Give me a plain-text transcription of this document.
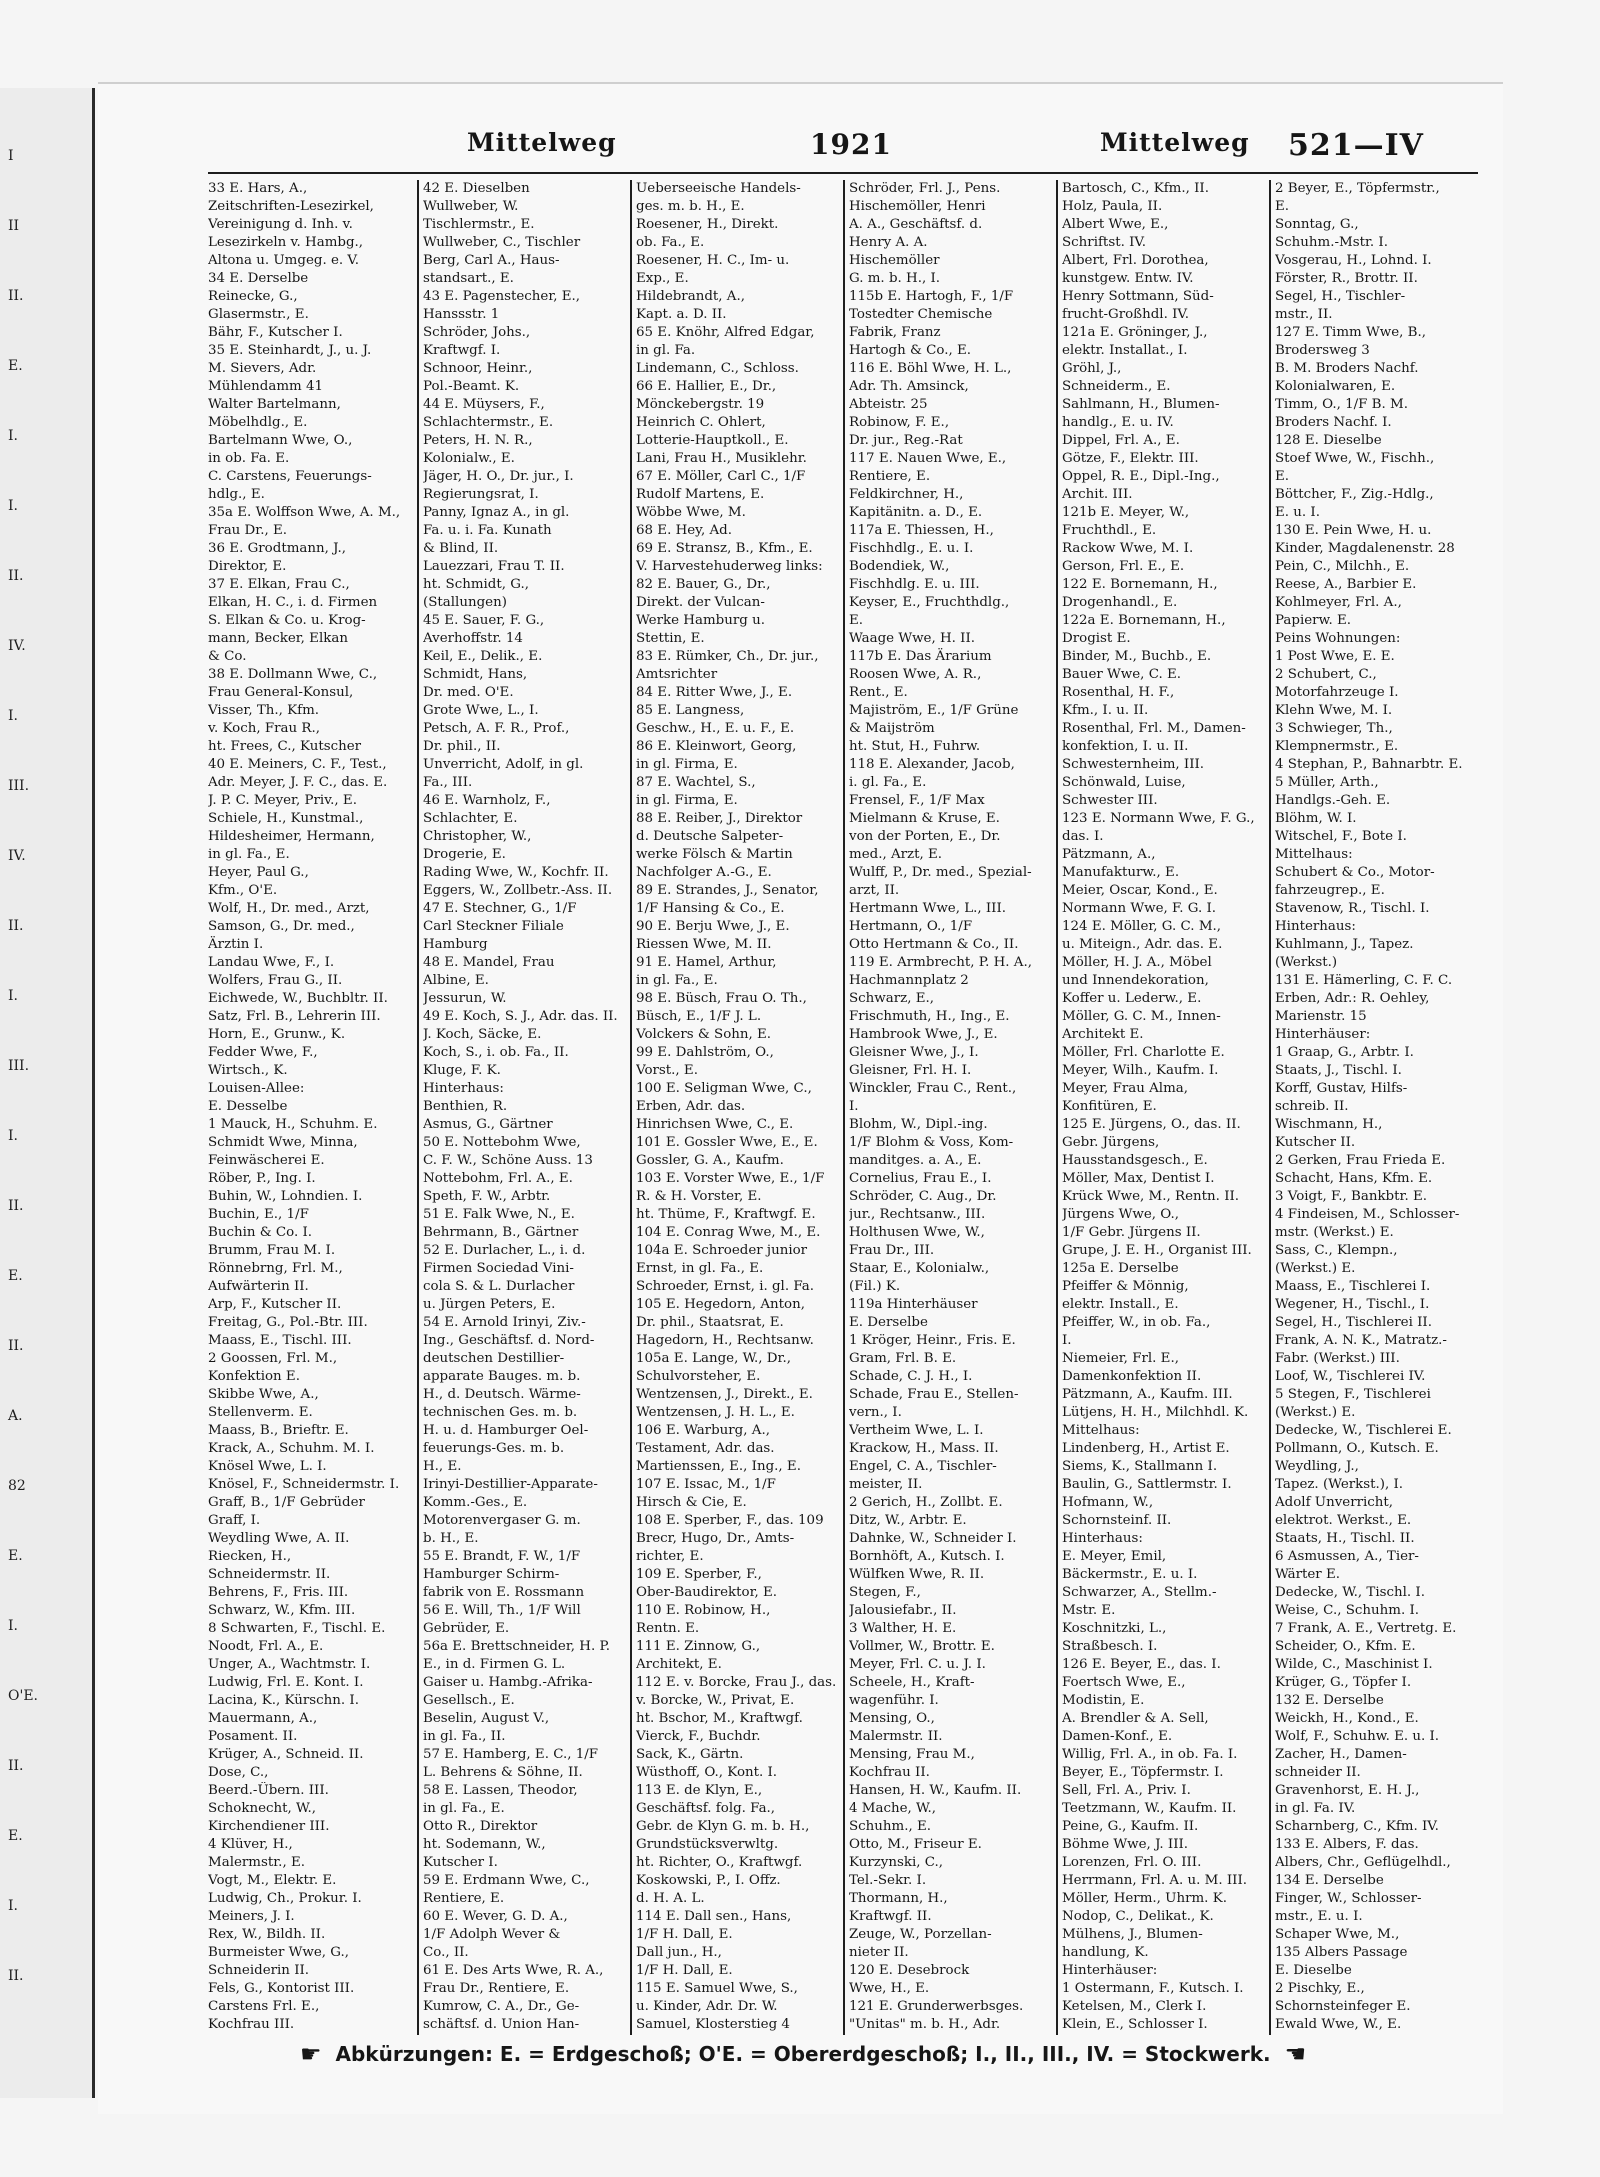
I
II
II.
E.
I.
I.
II.
IV.
I.
III.
IV.
II.
I.
III.
I.
II.
E.
II.
A.
82
E.
I.
O'E.
II.
E.
I.
II.
Mittelweg	1921	Mittelweg 521—IV
33 E. Hars, A.,
Zeitschriften-Lesezirkel,
Vereinigung d. Inh. v.
Lesezirkeln v. Hambg.,
Altona u. Umgeg. e. V.
34 E. Derselbe
Reinecke, G.,
Glasermstr., E.
Bähr, F., Kutscher I.
35 E. Steinhardt, J., u. J.
M. Sievers, Adr.
Mühlendamm 41
Walter Bartelmann,
Möbelhdlg., E.
Bartelmann Wwe, O.,
in ob. Fa. E.
C. Carstens, Feuerungs-
hdlg., E.
35a E. Wolffson Wwe, A. M.,
Frau Dr., E.
36 E. Grodtmann, J.,
Direktor, E.
37 E. Elkan, Frau C.,
Elkan, H. C., i. d. Firmen
S. Elkan & Co. u. Krog-
mann, Becker, Elkan
& Co.
38 E. Dollmann Wwe, C.,
Frau General-Konsul,
Visser, Th., Kfm.
v. Koch, Frau R.,
ht. Frees, C., Kutscher
40 E. Meiners, C. F., Test.,
Adr. Meyer, J. F. C., das. E.
J. P. C. Meyer, Priv., E.
Schiele, H., Kunstmal.,
Hildesheimer, Hermann,
in gl. Fa., E.
Heyer, Paul G.,
Kfm., O'E.
Wolf, H., Dr. med., Arzt,
Samson, G., Dr. med.,
Ärztin I.
Landau Wwe, F., I.
Wolfers, Frau G., II.
Eichwede, W., Buchbltr. II.
Satz, Frl. B., Lehrerin III.
Horn, E., Grunw., K.
Fedder Wwe, F.,
Wirtsch., K.
Louisen-Allee:
E. Desselbe
1 Mauck, H., Schuhm. E.
Schmidt Wwe, Minna,
Feinwäscherei E.
Röber, P., Ing. I.
Buhin, W., Lohndien. I.
Buchin, E., 1/F
Buchin & Co. I.
Brumm, Frau M. I.
Rönnebrng, Frl. M.,
Aufwärterin II.
Arp, F., Kutscher II.
Freitag, G., Pol.-Btr. III.
Maass, E., Tischl. III.
2 Goossen, Frl. M.,
Konfektion E.
Skibbe Wwe, A.,
Stellenverm. E.
Maass, B., Brieftr. E.
Krack, A., Schuhm. M. I.
Knösel Wwe, L. I.
Knösel, F., Schneidermstr. I.
Graff, B., 1/F Gebrüder
Graff, I.
Weydling Wwe, A. II.
Riecken, H.,
Schneidermstr. II.
Behrens, F., Fris. III.
Schwarz, W., Kfm. III.
8 Schwarten, F., Tischl. E.
Noodt, Frl. A., E.
Unger, A., Wachtmstr. I.
Ludwig, Frl. E. Kont. I.
Lacina, K., Kürschn. I.
Mauermann, A.,
Posament. II.
Krüger, A., Schneid. II.
Dose, C.,
Beerd.-Übern. III.
Schoknecht, W.,
Kirchendiener III.
4 Klüver, H.,
Malermstr., E.
Vogt, M., Elektr. E.
Ludwig, Ch., Prokur. I.
Meiners, J. I.
Rex, W., Bildh. II.
Burmeister Wwe, G.,
Schneiderin II.
Fels, G., Kontorist III.
Carstens Frl. E.,
Kochfrau III.
42 E. Dieselben
Wullweber, W.
Tischlermstr., E.
Wullweber, C., Tischler
Berg, Carl A., Haus-
standsart., E.
43 E. Pagenstecher, E.,
Hanssstr. 1
Schröder, Johs.,
Kraftwgf. I.
Schnoor, Heinr.,
Pol.-Beamt. K.
44 E. Müysers, F.,
Schlachtermstr., E.
Peters, H. N. R.,
Kolonialw., E.
Jäger, H. O., Dr. jur., I.
Regierungsrat, I.
Panny, Ignaz A., in gl.
Fa. u. i. Fa. Kunath
& Blind, II.
Lauezzari, Frau T. II.
ht. Schmidt, G.,
(Stallungen)
45 E. Sauer, F. G.,
Averhoffstr. 14
Keil, E., Delik., E.
Schmidt, Hans,
Dr. med. O'E.
Grote Wwe, L., I.
Petsch, A. F. R., Prof.,
Dr. phil., II.
Unverricht, Adolf, in gl.
Fa., III.
46 E. Warnholz, F.,
Schlachter, E.
Christopher, W.,
Drogerie, E.
Rading Wwe, W., Kochfr. II.
Eggers, W., Zollbetr.-Ass. II.
47 E. Stechner, G., 1/F
Carl Steckner Filiale
Hamburg
48 E. Mandel, Frau
Albine, E.
Jessurun, W.
49 E. Koch, S. J., Adr. das. II.
J. Koch, Säcke, E.
Koch, S., i. ob. Fa., II.
Kluge, F. K.
Hinterhaus:
Benthien, R.
Asmus, G., Gärtner
50 E. Nottebohm Wwe,
C. F. W., Schöne Auss. 13
Nottebohm, Frl. A., E.
Speth, F. W., Arbtr.
51 E. Falk Wwe, N., E.
Behrmann, B., Gärtner
52 E. Durlacher, L., i. d.
Firmen Sociedad Vini-
cola S. & L. Durlacher
u. Jürgen Peters, E.
54 E. Arnold Irinyi, Ziv.-
Ing., Geschäftsf. d. Nord-
deutschen Destillier-
apparate Bauges. m. b.
H., d. Deutsch. Wärme-
technischen Ges. m. b.
H. u. d. Hamburger Oel-
feuerungs-Ges. m. b.
H., E.
Irinyi-Destillier-Apparate-
Komm.-Ges., E.
Motorenvergaser G. m.
b. H., E.
55 E. Brandt, F. W., 1/F
Hamburger Schirm-
fabrik von E. Rossmann
56 E. Will, Th., 1/F Will
Gebrüder, E.
56a E. Brettschneider, H. P.
E., in d. Firmen G. L.
Gaiser u. Hambg.-Afrika-
Gesellsch., E.
Beselin, August V.,
in gl. Fa., II.
57 E. Hamberg, E. C., 1/F
L. Behrens & Söhne, II.
58 E. Lassen, Theodor,
in gl. Fa., E.
Otto R., Direktor
ht. Sodemann, W.,
Kutscher I.
59 E. Erdmann Wwe, C.,
Rentiere, E.
60 E. Wever, G. D. A.,
1/F Adolph Wever &
Co., II.
61 E. Des Arts Wwe, R. A.,
Frau Dr., Rentiere, E.
Kumrow, C. A., Dr., Ge-
schäftsf. d. Union Han-
Ueberseeische Handels-
ges. m. b. H., E.
Roesener, H., Direkt.
ob. Fa., E.
Roesener, H. C., Im- u.
Exp., E.
Hildebrandt, A.,
Kapt. a. D. II.
65 E. Knöhr, Alfred Edgar,
in gl. Fa.
Lindemann, C., Schloss.
66 E. Hallier, E., Dr.,
Mönckebergstr. 19
Heinrich C. Ohlert,
Lotterie-Hauptkoll., E.
Lani, Frau H., Musiklehr.
67 E. Möller, Carl C., 1/F
Rudolf Martens, E.
Wöbbe Wwe, M.
68 E. Hey, Ad.
69 E. Stransz, B., Kfm., E.
V. Harvestehuderweg links:
82 E. Bauer, G., Dr.,
Direkt. der Vulcan-
Werke Hamburg u.
Stettin, E.
83 E. Rümker, Ch., Dr. jur.,
Amtsrichter
84 E. Ritter Wwe, J., E.
85 E. Langness,
Geschw., H., E. u. F., E.
86 E. Kleinwort, Georg,
in gl. Firma, E.
87 E. Wachtel, S.,
in gl. Firma, E.
88 E. Reiber, J., Direktor
d. Deutsche Salpeter-
werke Fölsch & Martin
Nachfolger A.-G., E.
89 E. Strandes, J., Senator,
1/F Hansing & Co., E.
90 E. Berju Wwe, J., E.
Riessen Wwe, M. II.
91 E. Hamel, Arthur,
in gl. Fa., E.
98 E. Büsch, Frau O. Th.,
Büsch, E., 1/F J. L.
Volckers & Sohn, E.
99 E. Dahlström, O.,
Vorst., E.
100 E. Seligman Wwe, C.,
Erben, Adr. das.
Hinrichsen Wwe, C., E.
101 E. Gossler Wwe, E., E.
Gossler, G. A., Kaufm.
103 E. Vorster Wwe, E., 1/F
R. & H. Vorster, E.
ht. Thüme, F., Kraftwgf. E.
104 E. Conrag Wwe, M., E.
104a E. Schroeder junior
Ernst, in gl. Fa., E.
Schroeder, Ernst, i. gl. Fa.
105 E. Hegedorn, Anton,
Dr. phil., Staatsrat, E.
Hagedorn, H., Rechtsanw.
105a E. Lange, W., Dr.,
Schulvorsteher, E.
Wentzensen, J., Direkt., E.
Wentzensen, J. H. L., E.
106 E. Warburg, A.,
Testament, Adr. das.
Martienssen, E., Ing., E.
107 E. Issac, M., 1/F
Hirsch & Cie, E.
108 E. Sperber, F., das. 109
Brecr, Hugo, Dr., Amts-
richter, E.
109 E. Sperber, F.,
Ober-Baudirektor, E.
110 E. Robinow, H.,
Rentn. E.
111 E. Zinnow, G.,
Architekt, E.
112 E. v. Borcke, Frau J., das.
v. Borcke, W., Privat, E.
ht. Bschor, M., Kraftwgf.
Vierck, F., Buchdr.
Sack, K., Gärtn.
Wüsthoff, O., Kont. I.
113 E. de Klyn, E.,
Geschäftsf. folg. Fa.,
Gebr. de Klyn G. m. b. H.,
Grundstücksverwltg.
ht. Richter, O., Kraftwgf.
Koskowski, P., I. Offz.
d. H. A. L.
114 E. Dall sen., Hans,
1/F H. Dall, E.
Dall jun., H.,
1/F H. Dall, E.
115 E. Samuel Wwe, S.,
u. Kinder, Adr. Dr. W.
Samuel, Klosterstieg 4
Schröder, Frl. J., Pens.
Hischemöller, Henri
A. A., Geschäftsf. d.
Henry A. A.
Hischemöller
G. m. b. H., I.
115b E. Hartogh, F., 1/F
Tostedter Chemische
Fabrik, Franz
Hartogh & Co., E.
116 E. Böhl Wwe, H. L.,
Adr. Th. Amsinck,
Abteistr. 25
Robinow, F. E.,
Dr. jur., Reg.-Rat
117 E. Nauen Wwe, E.,
Rentiere, E.
Feldkirchner, H.,
Kapitänitn. a. D., E.
117a E. Thiessen, H.,
Fischhdlg., E. u. I.
Bodendiek, W.,
Fischhdlg. E. u. III.
Keyser, E., Fruchthdlg.,
E.
Waage Wwe, H. II.
117b E. Das Ärarium
Roosen Wwe, A. R.,
Rent., E.
Majiström, E., 1/F Grüne
& Maijström
ht. Stut, H., Fuhrw.
118 E. Alexander, Jacob,
i. gl. Fa., E.
Frensel, F., 1/F Max
Mielmann & Kruse, E.
von der Porten, E., Dr.
med., Arzt, E.
Wulff, P., Dr. med., Spezial-
arzt, II.
Hertmann Wwe, L., III.
Hertmann, O., 1/F
Otto Hertmann & Co., II.
119 E. Armbrecht, P. H. A.,
Hachmannplatz 2
Schwarz, E.,
Frischmuth, H., Ing., E.
Hambrook Wwe, J., E.
Gleisner Wwe, J., I.
Gleisner, Frl. H. I.
Winckler, Frau C., Rent.,
I.
Blohm, W., Dipl.-ing.
1/F Blohm & Voss, Kom-
manditges. a. A., E.
Cornelius, Frau E., I.
Schröder, C. Aug., Dr.
jur., Rechtsanw., III.
Holthusen Wwe, W.,
Frau Dr., III.
Staar, E., Kolonialw.,
(Fil.) K.
119a Hinterhäuser
E. Derselbe
1 Kröger, Heinr., Fris. E.
Gram, Frl. B. E.
Schade, C. J. H., I.
Schade, Frau E., Stellen-
vern., I.
Vertheim Wwe, L. I.
Krackow, H., Mass. II.
Engel, C. A., Tischler-
meister, II.
2 Gerich, H., Zollbt. E.
Ditz, W., Arbtr. E.
Dahnke, W., Schneider I.
Bornhöft, A., Kutsch. I.
Wülfken Wwe, R. II.
Stegen, F.,
Jalousiefabr., II.
3 Walther, H. E.
Vollmer, W., Brottr. E.
Meyer, Frl. C. u. J. I.
Scheele, H., Kraft-
wagenführ. I.
Mensing, O.,
Malermstr. II.
Mensing, Frau M.,
Kochfrau II.
Hansen, H. W., Kaufm. II.
4 Mache, W.,
Schuhm., E.
Otto, M., Friseur E.
Kurzynski, C.,
Tel.-Sekr. I.
Thormann, H.,
Kraftwgf. II.
Zeuge, W., Porzellan-
nieter II.
120 E. Desebrock
Wwe, H., E.
121 E. Grunderwerbsges.
"Unitas" m. b. H., Adr.
Bartosch, C., Kfm., II.
Holz, Paula, II.
Albert Wwe, E.,
Schriftst. IV.
Albert, Frl. Dorothea,
kunstgew. Entw. IV.
Henry Sottmann, Süd-
frucht-Großhdl. IV.
121a E. Gröninger, J.,
elektr. Installat., I.
Gröhl, J.,
Schneiderm., E.
Sahlmann, H., Blumen-
handlg., E. u. IV.
Dippel, Frl. A., E.
Götze, F., Elektr. III.
Oppel, R. E., Dipl.-Ing.,
Archit. III.
121b E. Meyer, W.,
Fruchthdl., E.
Rackow Wwe, M. I.
Gerson, Frl. E., E.
122 E. Bornemann, H.,
Drogenhandl., E.
122a E. Bornemann, H.,
Drogist E.
Binder, M., Buchb., E.
Bauer Wwe, C. E.
Rosenthal, H. F.,
Kfm., I. u. II.
Rosenthal, Frl. M., Damen-
konfektion, I. u. II.
Schwesternheim, III.
Schönwald, Luise,
Schwester III.
123 E. Normann Wwe, F. G.,
das. I.
Pätzmann, A.,
Manufakturw., E.
Meier, Oscar, Kond., E.
Normann Wwe, F. G. I.
124 E. Möller, G. C. M.,
u. Miteign., Adr. das. E.
Möller, H. J. A., Möbel
und Innendekoration,
Koffer u. Lederw., E.
Möller, G. C. M., Innen-
Architekt E.
Möller, Frl. Charlotte E.
Meyer, Wilh., Kaufm. I.
Meyer, Frau Alma,
Konfitüren, E.
125 E. Jürgens, O., das. II.
Gebr. Jürgens,
Hausstandsgesch., E.
Möller, Max, Dentist I.
Krück Wwe, M., Rentn. II.
Jürgens Wwe, O.,
1/F Gebr. Jürgens II.
Grupe, J. E. H., Organist III.
125a E. Derselbe
Pfeiffer & Mönnig,
elektr. Install., E.
Pfeiffer, W., in ob. Fa.,
I.
Niemeier, Frl. E.,
Damenkonfektion II.
Pätzmann, A., Kaufm. III.
Lütjens, H. H., Milchhdl. K.
Mittelhaus:
Lindenberg, H., Artist E.
Siems, K., Stallmann I.
Baulin, G., Sattlermstr. I.
Hofmann, W.,
Schornsteinf. II.
Hinterhaus:
E. Meyer, Emil,
Bäckermstr., E. u. I.
Schwarzer, A., Stellm.-
Mstr. E.
Koschnitzki, L.,
Straßbesch. I.
126 E. Beyer, E., das. I.
Foertsch Wwe, E.,
Modistin, E.
A. Brendler & A. Sell,
Damen-Konf., E.
Willig, Frl. A., in ob. Fa. I.
Beyer, E., Töpfermstr. I.
Sell, Frl. A., Priv. I.
Teetzmann, W., Kaufm. II.
Peine, G., Kaufm. II.
Böhme Wwe, J. III.
Lorenzen, Frl. O. III.
Herrmann, Frl. A. u. M. III.
Möller, Herm., Uhrm. K.
Nodop, C., Delikat., K.
Mülhens, J., Blumen-
handlung, K.
Hinterhäuser:
1 Ostermann, F., Kutsch. I.
Ketelsen, M., Clerk I.
Klein, E., Schlosser I.
2 Beyer, E., Töpfermstr.,
E.
Sonntag, G.,
Schuhm.-Mstr. I.
Vosgerau, H., Lohnd. I.
Förster, R., Brottr. II.
Segel, H., Tischler-
mstr., II.
127 E. Timm Wwe, B.,
Brodersweg 3
B. M. Broders Nachf.
Kolonialwaren, E.
Timm, O., 1/F B. M.
Broders Nachf. I.
128 E. Dieselbe
Stoef Wwe, W., Fischh.,
E.
Böttcher, F., Zig.-Hdlg.,
E. u. I.
130 E. Pein Wwe, H. u.
Kinder, Magdalenenstr. 28
Pein, C., Milchh., E.
Reese, A., Barbier E.
Kohlmeyer, Frl. A.,
Papierw. E.
Peins Wohnungen:
1 Post Wwe, E. E.
2 Schubert, C.,
Motorfahrzeuge I.
Klehn Wwe, M. I.
3 Schwieger, Th.,
Klempnermstr., E.
4 Stephan, P., Bahnarbtr. E.
5 Müller, Arth.,
Handlgs.-Geh. E.
Blöhm, W. I.
Witschel, F., Bote I.
Mittelhaus:
Schubert & Co., Motor-
fahrzeugrep., E.
Stavenow, R., Tischl. I.
Hinterhaus:
Kuhlmann, J., Tapez.
(Werkst.)
131 E. Hämerling, C. F. C.
Erben, Adr.: R. Oehley,
Marienstr. 15
Hinterhäuser:
1 Graap, G., Arbtr. I.
Staats, J., Tischl. I.
Korff, Gustav, Hilfs-
schreib. II.
Wischmann, H.,
Kutscher II.
2 Gerken, Frau Frieda E.
Schacht, Hans, Kfm. E.
3 Voigt, F., Bankbtr. E.
4 Findeisen, M., Schlosser-
mstr. (Werkst.) E.
Sass, C., Klempn.,
(Werkst.) E.
Maass, E., Tischlerei I.
Wegener, H., Tischl., I.
Segel, H., Tischlerei II.
Frank, A. N. K., Matratz.-
Fabr. (Werkst.) III.
Loof, W., Tischlerei IV.
5 Stegen, F., Tischlerei
(Werkst.) E.
Dedecke, W., Tischlerei E.
Pollmann, O., Kutsch. E.
Weydling, J.,
Tapez. (Werkst.), I.
Adolf Unverricht,
elektrot. Werkst., E.
Staats, H., Tischl. II.
6 Asmussen, A., Tier-
Wärter E.
Dedecke, W., Tischl. I.
Weise, C., Schuhm. I.
7 Frank, A. E., Vertretg. E.
Scheider, O., Kfm. E.
Wilde, C., Maschinist I.
Krüger, G., Töpfer I.
132 E. Derselbe
Weickh, H., Kond., E.
Wolf, F., Schuhw. E. u. I.
Zacher, H., Damen-
schneider II.
Gravenhorst, E. H. J.,
in gl. Fa. IV.
Scharnberg, C., Kfm. IV.
133 E. Albers, F. das.
Albers, Chr., Geflügelhdl.,
134 E. Derselbe
Finger, W., Schlosser-
mstr., E. u. I.
Schaper Wwe, M.,
135 Albers Passage
E. Dieselbe
2 Pischky, E.,
Schornsteinfeger E.
Ewald Wwe, W., E.
☛ Abkürzungen: E. = Erdgeschoß; O'E. = Obererdgeschoß; I., II., III., IV. = Stockwerk. ☚
